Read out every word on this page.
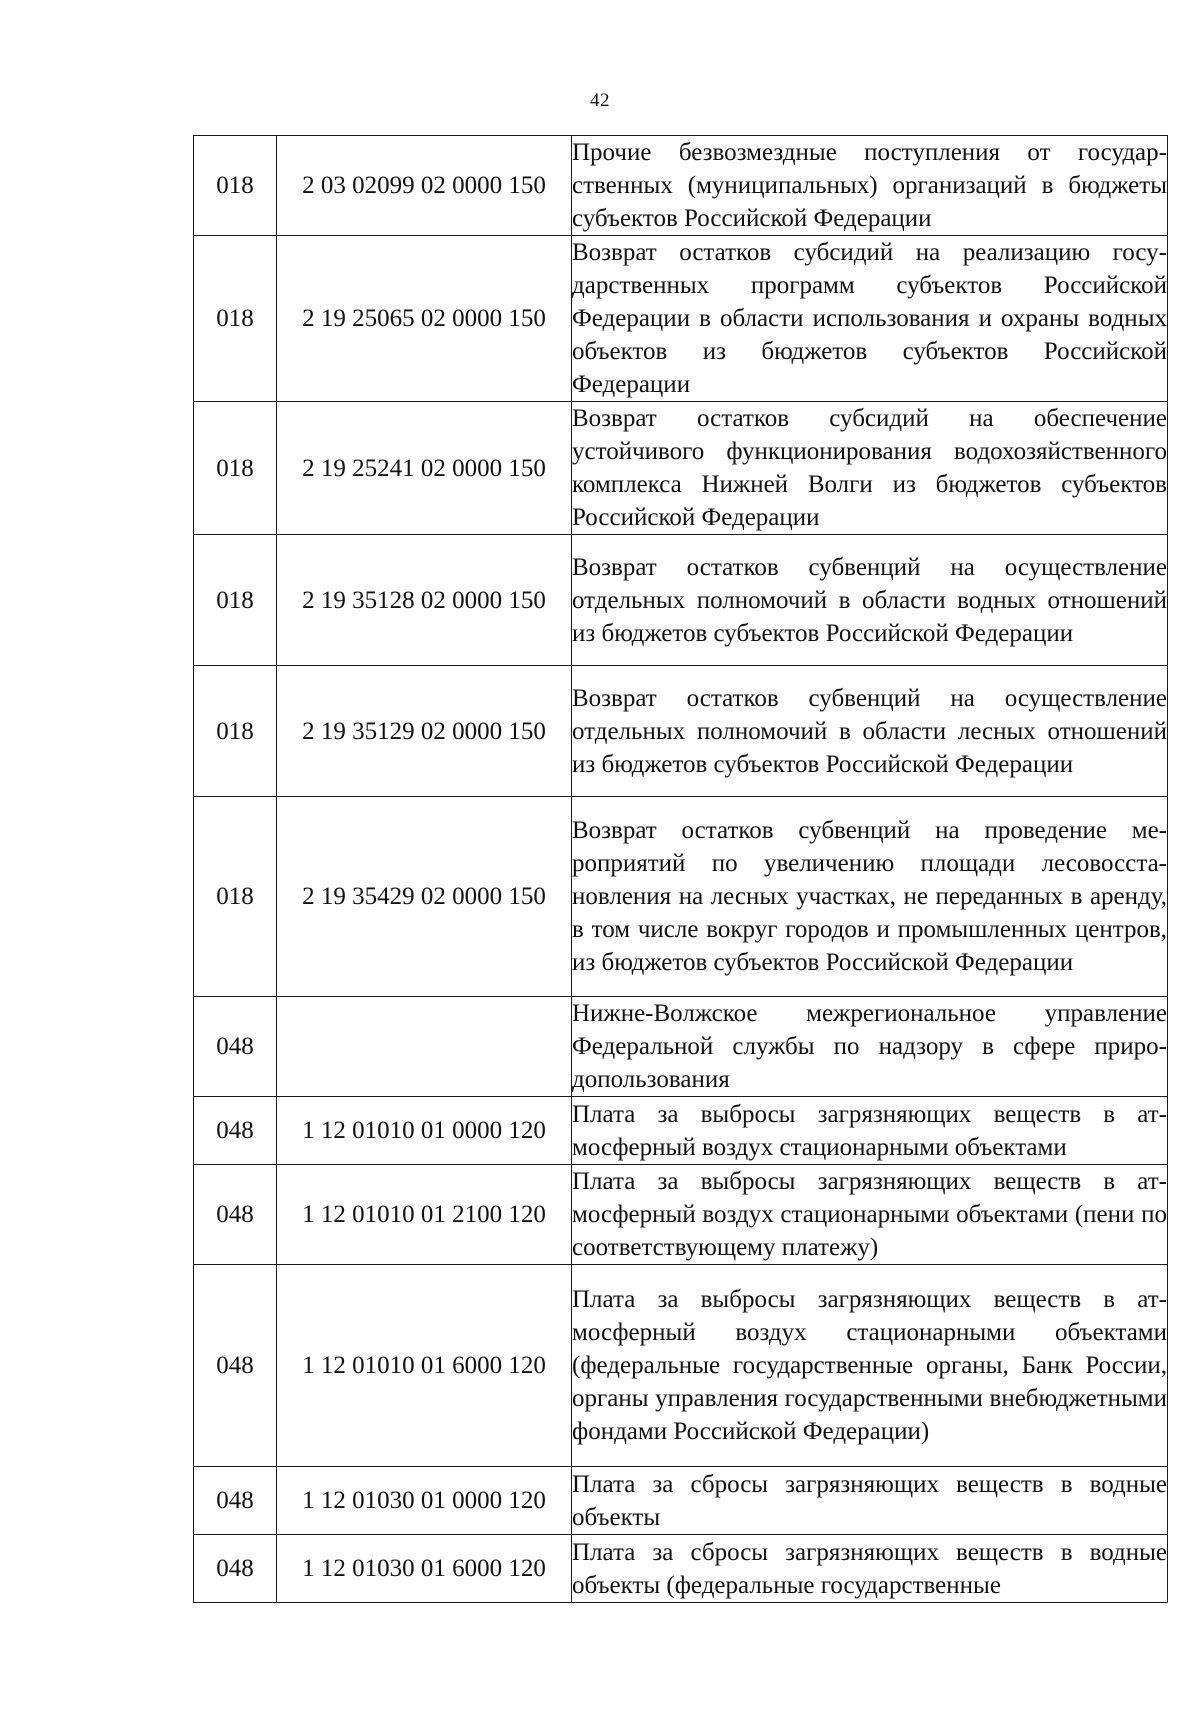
42
018	2 03 02099 02 0000 150	Прочие безвозмездные поступления от государственных (муниципальных) организаций в бюджеты субъектов Российской Федерации
018	2 19 25065 02 0000 150	Возврат остатков субсидий на реализацию государственных программ субъектов Российской Федерации в области использования и охраны водных объектов из бюджетов субъектов Российской Федерации
018	2 19 25241 02 0000 150	Возврат остатков субсидий на обеспечение устойчивого функционирования водохозяйственного комплекса Нижней Волги из бюджетов субъектов Российской Федерации
018	2 19 35128 02 0000 150	Возврат остатков субвенций на осуществление отдельных полномочий в области водных отношений из бюджетов субъектов Российской Федерации
018	2 19 35129 02 0000 150	Возврат остатков субвенций на осуществление отдельных полномочий в области лесных отношений из бюджетов субъектов Российской Федерации
018	2 19 35429 02 0000 150	Возврат остатков субвенций на проведение мероприятий по увеличению площади лесовосстановления на лесных участках, не переданных в аренду, в том числе вокруг городов и промышленных центров, из бюджетов субъектов Российской Федерации
048		Нижне-Волжское межрегиональное управление Федеральной службы по надзору в сфере природопользования
048	1 12 01010 01 0000 120	Плата за выбросы загрязняющих веществ в атмосферный воздух стационарными объектами
048	1 12 01010 01 2100 120	Плата за выбросы загрязняющих веществ в атмосферный воздух стационарными объектами (пени по соответствующему платежу)
048	1 12 01010 01 6000 120	Плата за выбросы загрязняющих веществ в атмосферный воздух стационарными объектами (федеральные государственные органы, Банк России, органы управления государственными внебюджетными фондами Российской Федерации)
048	1 12 01030 01 0000 120	Плата за сбросы загрязняющих веществ в водные объекты
048	1 12 01030 01 6000 120	Плата за сбросы загрязняющих веществ в водные объекты (федеральные государственные
